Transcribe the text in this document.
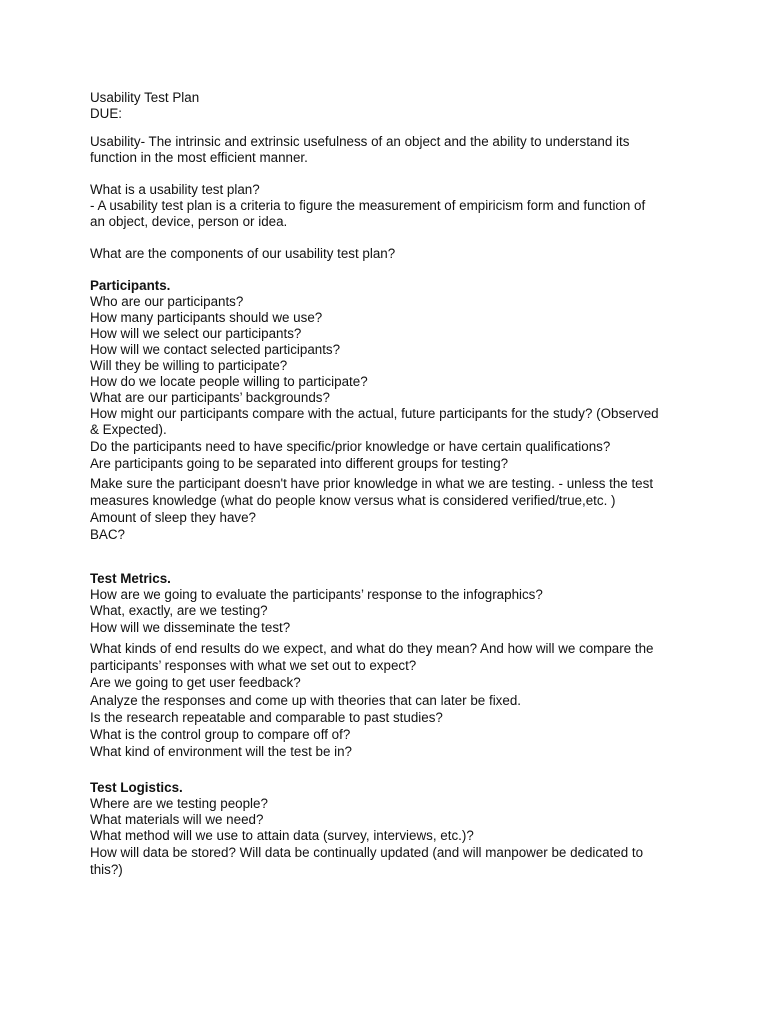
Usability Test Plan
DUE:
Usability- The intrinsic and extrinsic usefulness of an object and the ability to understand its
function in the most efficient manner.
What is a usability test plan?
- A usability test plan is a criteria to figure the measurement of empiricism form and function of
an object, device, person or idea.
What are the components of our usability test plan?
Participants.
Who are our participants?
How many participants should we use?
How will we select our participants?
How will we contact selected participants?
Will they be willing to participate?
How do we locate people willing to participate?
What are our participants’ backgrounds?
How might our participants compare with the actual, future participants for the study? (Observed
& Expected).
Do the participants need to have specific/prior knowledge or have certain qualifications?
Are participants going to be separated into different groups for testing?
Make sure the participant doesn't have prior knowledge in what we are testing. - unless the test
measures knowledge (what do people know versus what is considered verified/true,etc. )
Amount of sleep they have?
BAC?
Test Metrics.
How are we going to evaluate the participants’ response to the infographics?
What, exactly, are we testing?
How will we disseminate the test?
What kinds of end results do we expect, and what do they mean? And how will we compare the
participants’ responses with what we set out to expect?
Are we going to get user feedback?
Analyze the responses and come up with theories that can later be fixed.
Is the research repeatable and comparable to past studies?
What is the control group to compare off of?
What kind of environment will the test be in?
Test Logistics.
Where are we testing people?
What materials will we need?
What method will we use to attain data (survey, interviews, etc.)?
How will data be stored? Will data be continually updated (and will manpower be dedicated to
this?)
